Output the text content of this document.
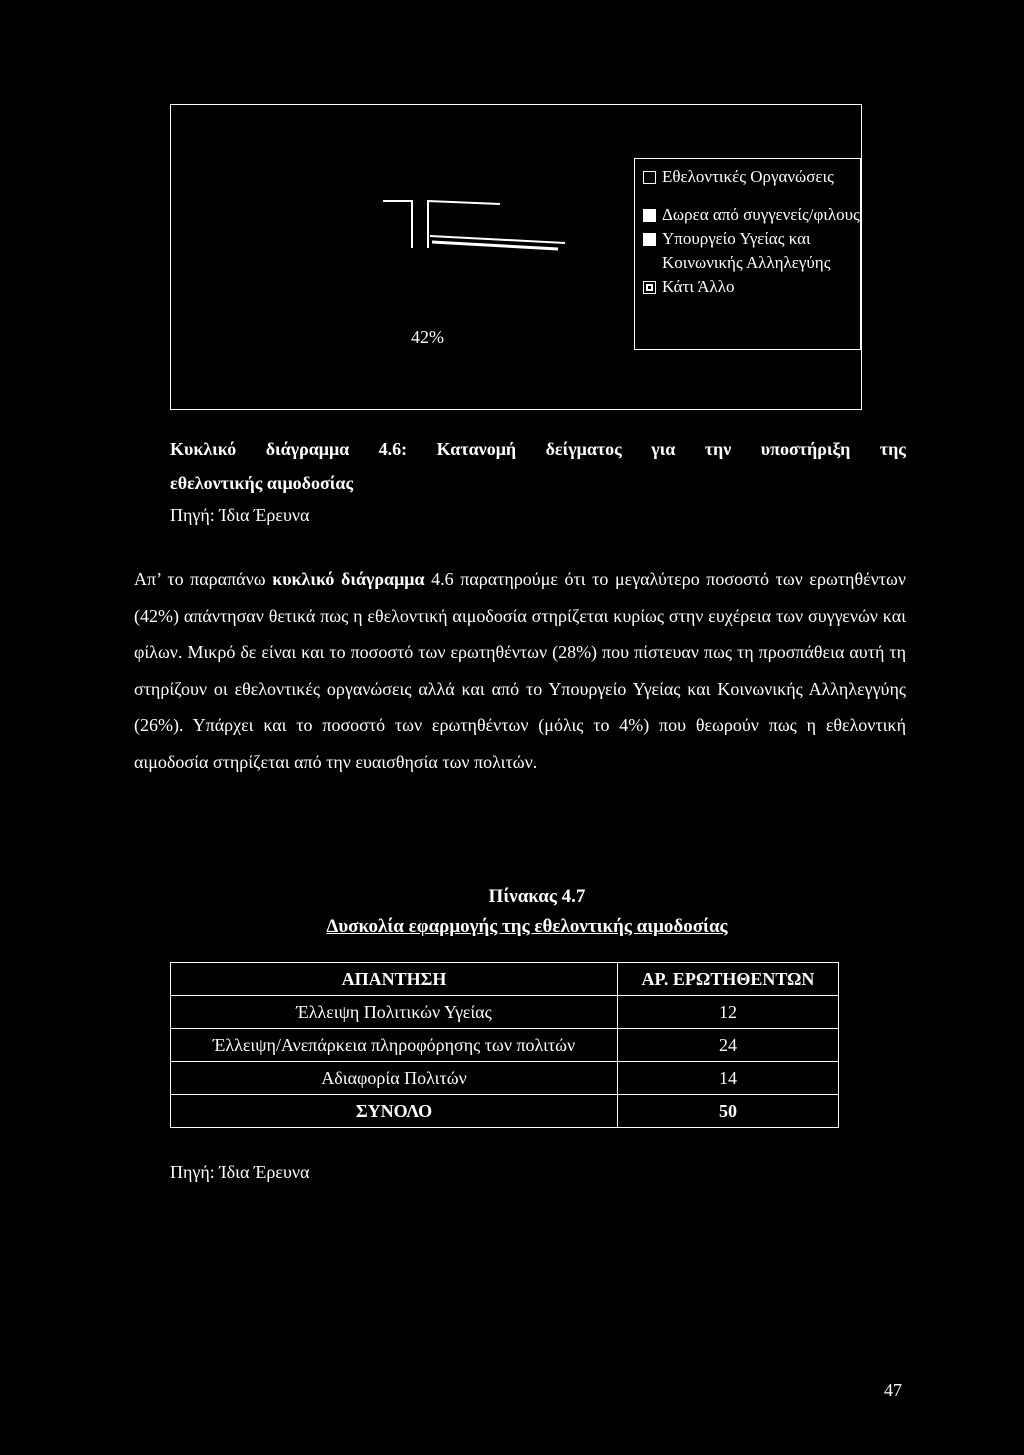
42%
Εθελοντικές Οργανώσεις
Δωρεα από συγγενείς/φιλους
Υπουργείο Υγείας και Κοινωνικής Αλληλεγύης
Κάτι Άλλο
Κυκλικό διάγραμμα 4.6: Κατανομή δείγματος για την υποστήριξη της
εθελοντικής αιμοδοσίας
Πηγή: Ίδια Έρευνα
Απ’ το παραπάνω κυκλικό διάγραμμα 4.6 παρατηρούμε ότι το μεγαλύτερο ποσοστό των ερωτηθέντων (42%) απάντησαν θετικά πως η εθελοντική αιμοδοσία στηρίζεται κυρίως στην ευχέρεια των συγγενών και φίλων. Μικρό δε είναι και το ποσοστό των ερωτηθέντων (28%) που πίστευαν πως τη προσπάθεια αυτή τη στηρίζουν οι εθελοντικές οργανώσεις αλλά και από το Υπουργείο Υγείας και Κοινωνικής Αλληλεγγύης (26%). Υπάρχει και το ποσοστό των ερωτηθέντων (μόλις το 4%) που θεωρούν πως η εθελοντική αιμοδοσία στηρίζεται από την ευαισθησία των πολιτών.
Πίνακας 4.7
Δυσκολία εφαρμογής της εθελοντικής αιμοδοσίας
ΑΠΑΝΤΗΣΗ	ΑΡ. ΕΡΩΤΗΘΕΝΤΩΝ
Έλλειψη Πολιτικών Υγείας	12
Έλλειψη/Ανεπάρκεια πληροφόρησης των πολιτών	24
Αδιαφορία Πολιτών	14
ΣΥΝΟΛΟ	50
Πηγή: Ίδια Έρευνα
47
